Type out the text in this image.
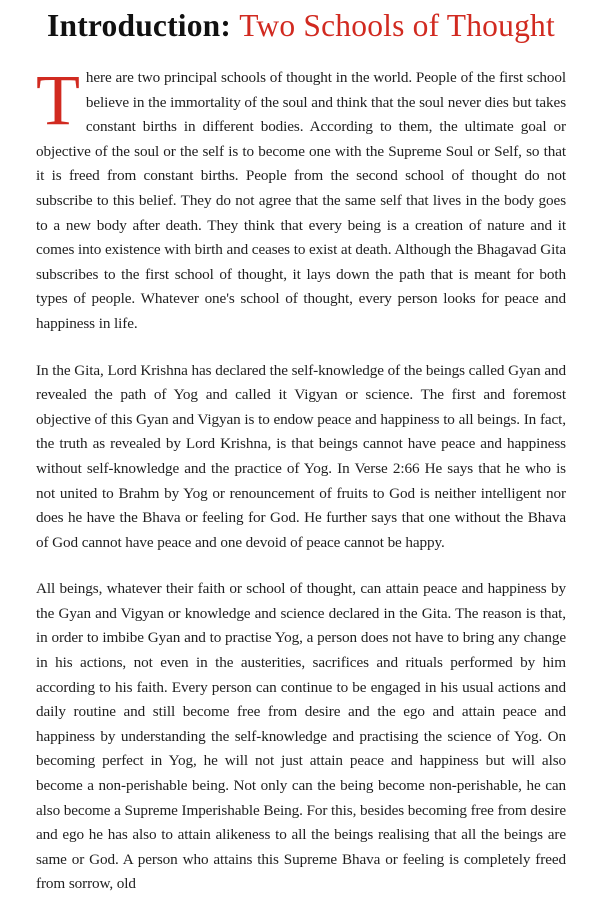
Introduction: Two Schools of Thought

There are two principal schools of thought in the world. People of the first school believe in the immortality of the soul and think that the soul never dies but takes constant births in different bodies. According to them, the ultimate goal or objective of the soul or the self is to become one with the Supreme Soul or Self, so that it is freed from constant births. People from the second school of thought do not subscribe to this belief. They do not agree that the same self that lives in the body goes to a new body after death. They think that every being is a creation of nature and it comes into existence with birth and ceases to exist at death. Although the Bhagavad Gita subscribes to the first school of thought, it lays down the path that is meant for both types of people. Whatever one's school of thought, every person looks for peace and happiness in life.

In the Gita, Lord Krishna has declared the self-knowledge of the beings called Gyan and revealed the path of Yog and called it Vigyan or science. The first and foremost objective of this Gyan and Vigyan is to endow peace and happiness to all beings. In fact, the truth as revealed by Lord Krishna, is that beings cannot have peace and happiness without self-knowledge and the practice of Yog. In Verse 2:66 He says that he who is not united to Brahm by Yog or renouncement of fruits to God is neither intelligent nor does he have the Bhava or feeling for God. He further says that one without the Bhava of God cannot have peace and one devoid of peace cannot be happy.

All beings, whatever their faith or school of thought, can attain peace and happiness by the Gyan and Vigyan or knowledge and science declared in the Gita. The reason is that, in order to imbibe Gyan and to practise Yog, a person does not have to bring any change in his actions, not even in the austerities, sacrifices and rituals performed by him according to his faith. Every person can continue to be engaged in his usual actions and daily routine and still become free from desire and the ego and attain peace and happiness by understanding the self-knowledge and practising the science of Yog. On becoming perfect in Yog, he will not just attain peace and happiness but will also become a non-perishable being. Not only can the being become non-perishable, he can also become a Supreme Imperishable Being. For this, besides becoming free from desire and ego he has also to attain alikeness to all the beings realising that all the beings are same or God. A person who attains this Supreme Bhava or feeling is completely freed from sorrow, old
